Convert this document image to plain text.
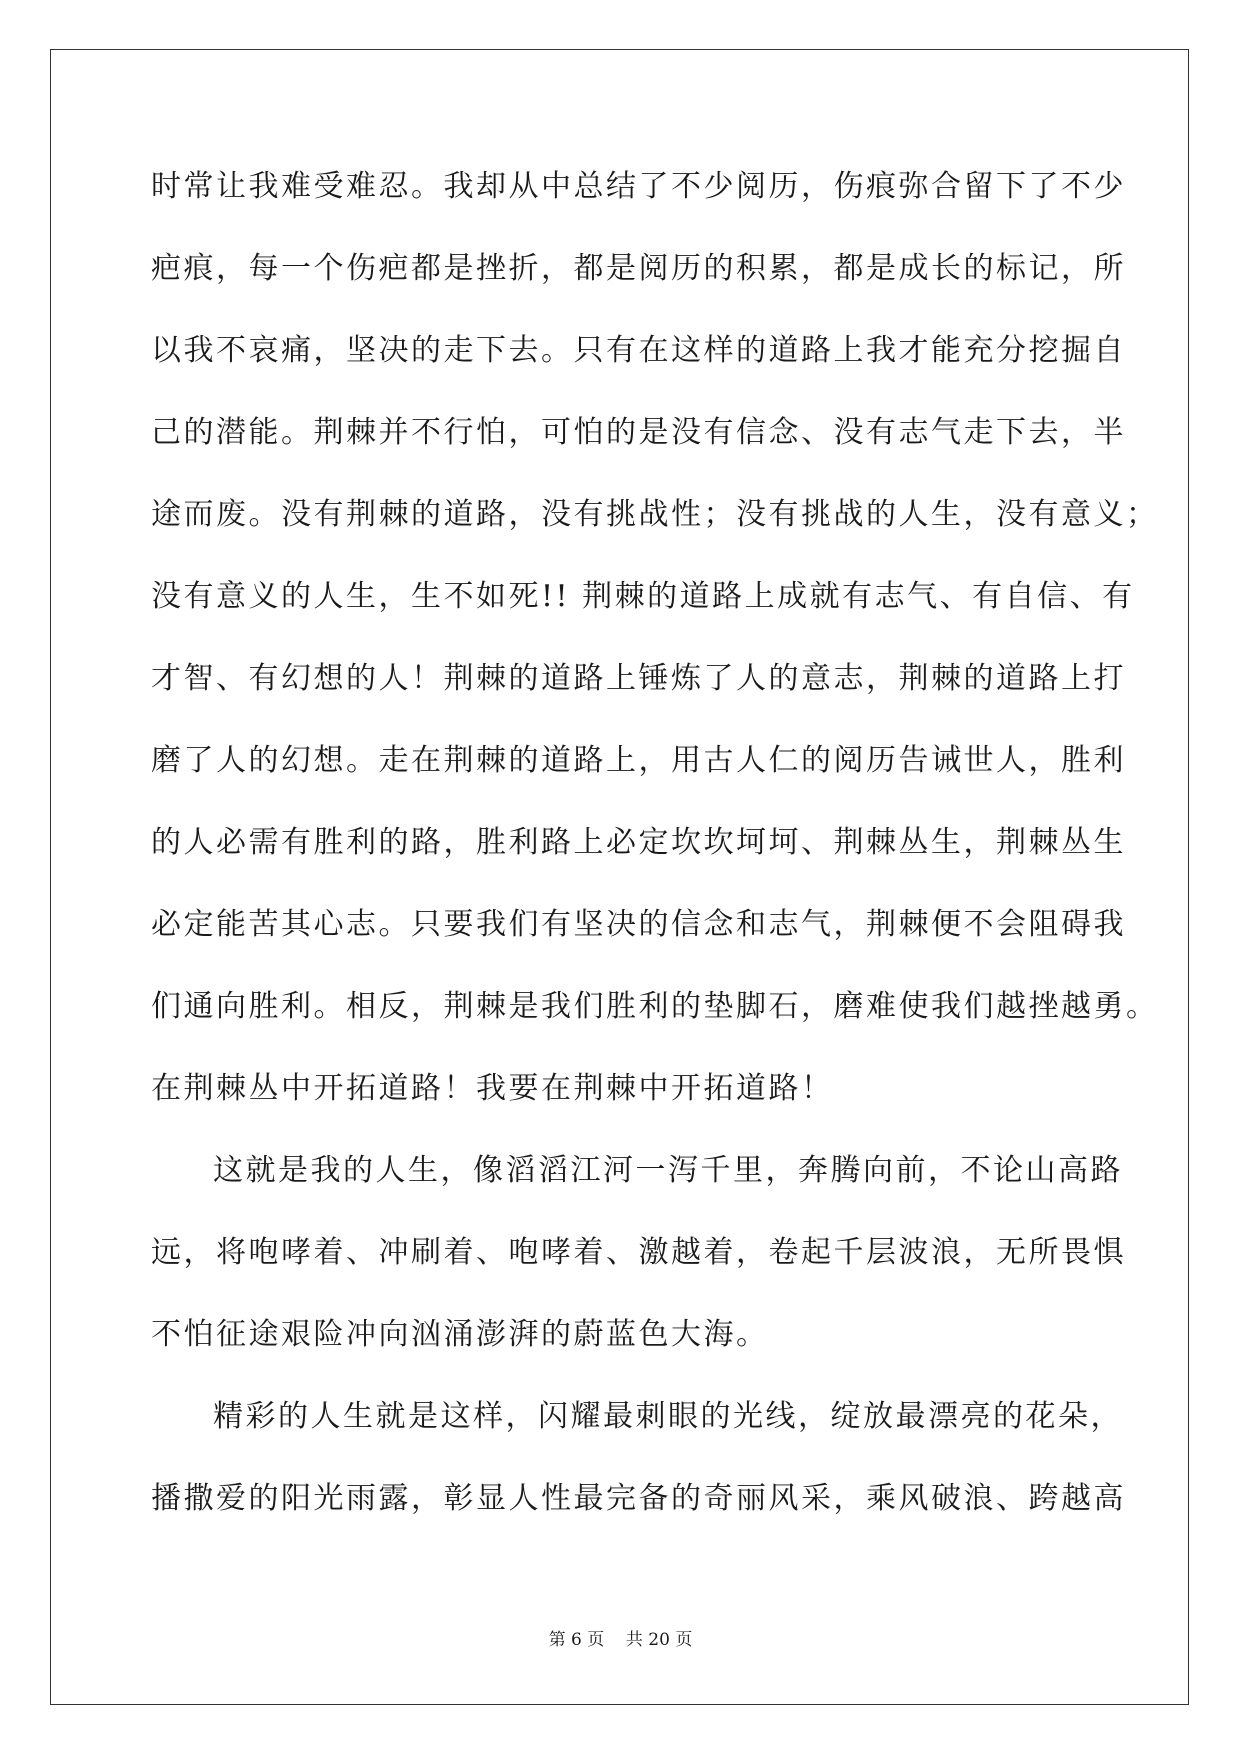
时常让我难受难忍。我却从中总结了不少阅历，伤痕弥合留下了不少
疤痕，每一个伤疤都是挫折，都是阅历的积累，都是成长的标记，所
以我不哀痛，坚决的走下去。只有在这样的道路上我才能充分挖掘自
己的潜能。荆棘并不行怕，可怕的是没有信念、没有志气走下去，半
途而废。没有荆棘的道路，没有挑战性；没有挑战的人生，没有意义；
没有意义的人生，生不如死!! 荆棘的道路上成就有志气、有自信、有
才智、有幻想的人！荆棘的道路上锤炼了人的意志，荆棘的道路上打
磨了人的幻想。走在荆棘的道路上，用古人仁的阅历告诫世人，胜利
的人必需有胜利的路，胜利路上必定坎坎坷坷、荆棘丛生，荆棘丛生
必定能苦其心志。只要我们有坚决的信念和志气，荆棘便不会阻碍我
们通向胜利。相反，荆棘是我们胜利的垫脚石，磨难使我们越挫越勇。
在荆棘丛中开拓道路！我要在荆棘中开拓道路！
这就是我的人生，像滔滔江河一泻千里，奔腾向前，不论山高路
远，将咆哮着、冲刷着、咆哮着、激越着，卷起千层波浪，无所畏惧
不怕征途艰险冲向汹涌澎湃的蔚蓝色大海。
精彩的人生就是这样，闪耀最刺眼的光线，绽放最漂亮的花朵，
播撒爱的阳光雨露，彰显人性最完备的奇丽风采，乘风破浪、跨越高
第 6 页 共 20 页
